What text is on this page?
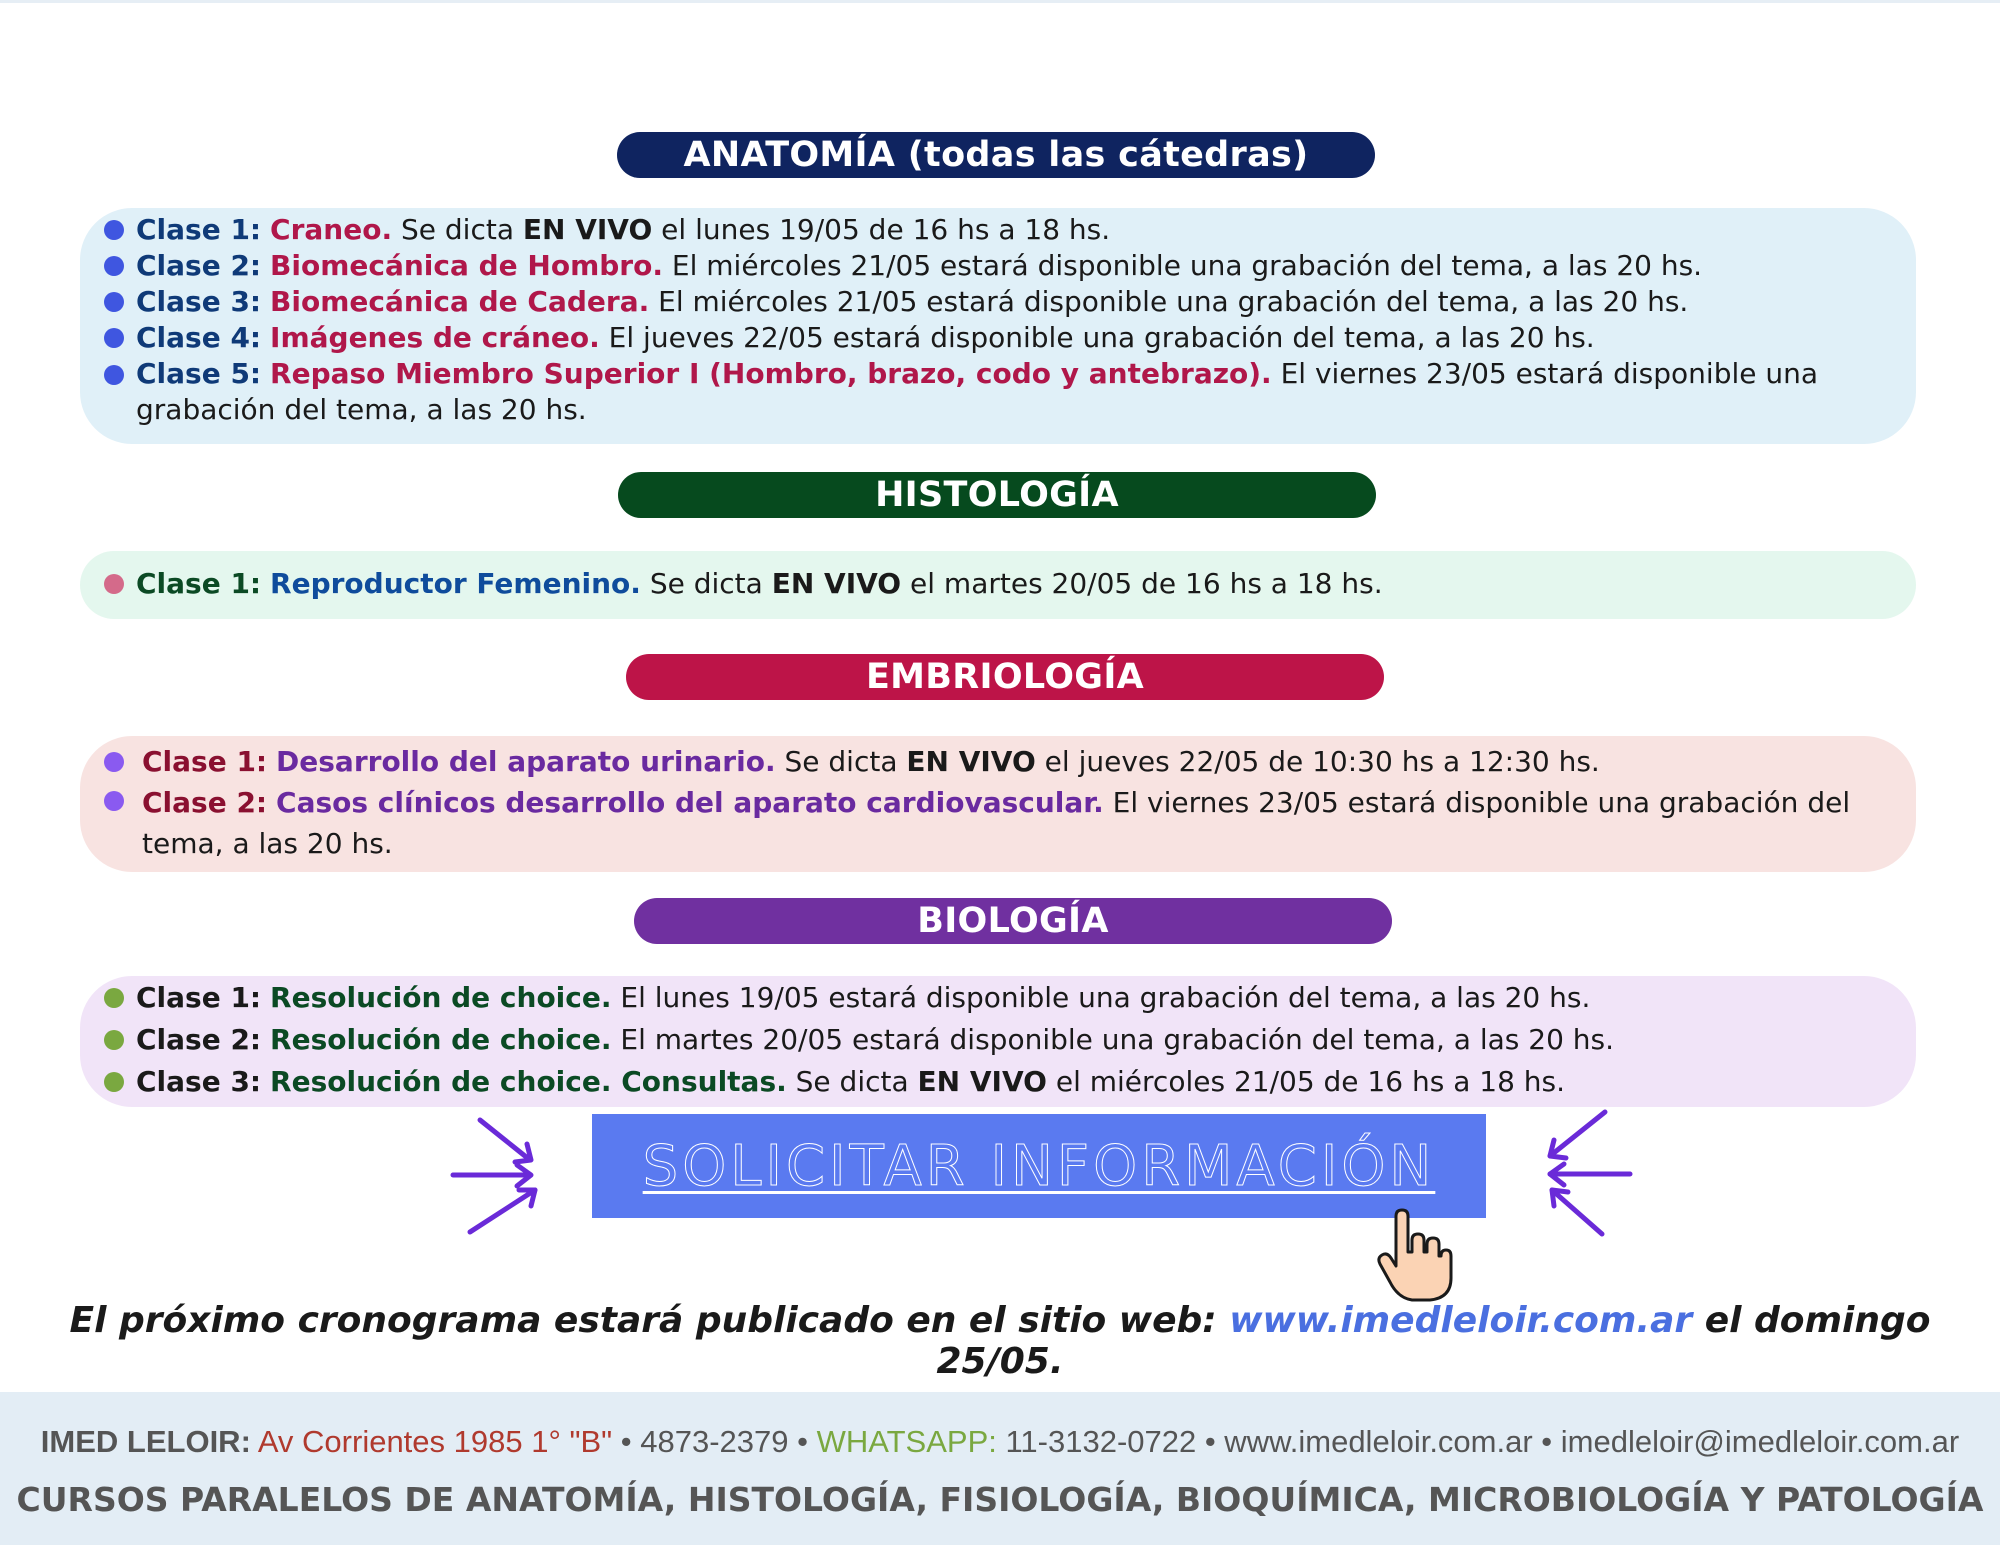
ANATOMÍA (todas las cátedras)
Clase 1: Craneo. Se dicta EN VIVO el lunes 19/05 de 16 hs a 18 hs.
Clase 2: Biomecánica de Hombro. El miércoles 21/05 estará disponible una grabación del tema, a las 20 hs.
Clase 3: Biomecánica de Cadera. El miércoles 21/05 estará disponible una grabación del tema, a las 20 hs.
Clase 4: Imágenes de cráneo. El jueves 22/05 estará disponible una grabación del tema, a las 20 hs.
Clase 5: Repaso Miembro Superior I (Hombro, brazo, codo y antebrazo). El viernes 23/05 estará disponible una grabación del tema, a las 20 hs.
HISTOLOGÍA
Clase 1: Reproductor Femenino. Se dicta EN VIVO el martes 20/05 de 16 hs a 18 hs.
EMBRIOLOGÍA
Clase 1: Desarrollo del aparato urinario. Se dicta EN VIVO el jueves 22/05 de 10:30 hs a 12:30 hs.
Clase 2: Casos clínicos desarrollo del aparato cardiovascular. El viernes 23/05 estará disponible una grabación del tema, a las 20 hs.
BIOLOGÍA
Clase 1: Resolución de choice. El lunes 19/05 estará disponible una grabación del tema, a las 20 hs.
Clase 2: Resolución de choice. El martes 20/05 estará disponible una grabación del tema, a las 20 hs.
Clase 3: Resolución de choice. Consultas. Se dicta EN VIVO el miércoles 21/05 de 16 hs a 18 hs.
SOLICITAR INFORMACIÓN
El próximo cronograma estará publicado en el sitio web: www.imedleloir.com.ar el domingo 25/05.
IMED LELOIR: Av Corrientes 1985 1° "B" • 4873-2379 • WHATSAPP: 11-3132-0722 • www.imedleloir.com.ar • imedleloir@imedleloir.com.ar
CURSOS PARALELOS DE ANATOMÍA, HISTOLOGÍA, FISIOLOGÍA, BIOQUÍMICA, MICROBIOLOGÍA Y PATOLOGÍA
